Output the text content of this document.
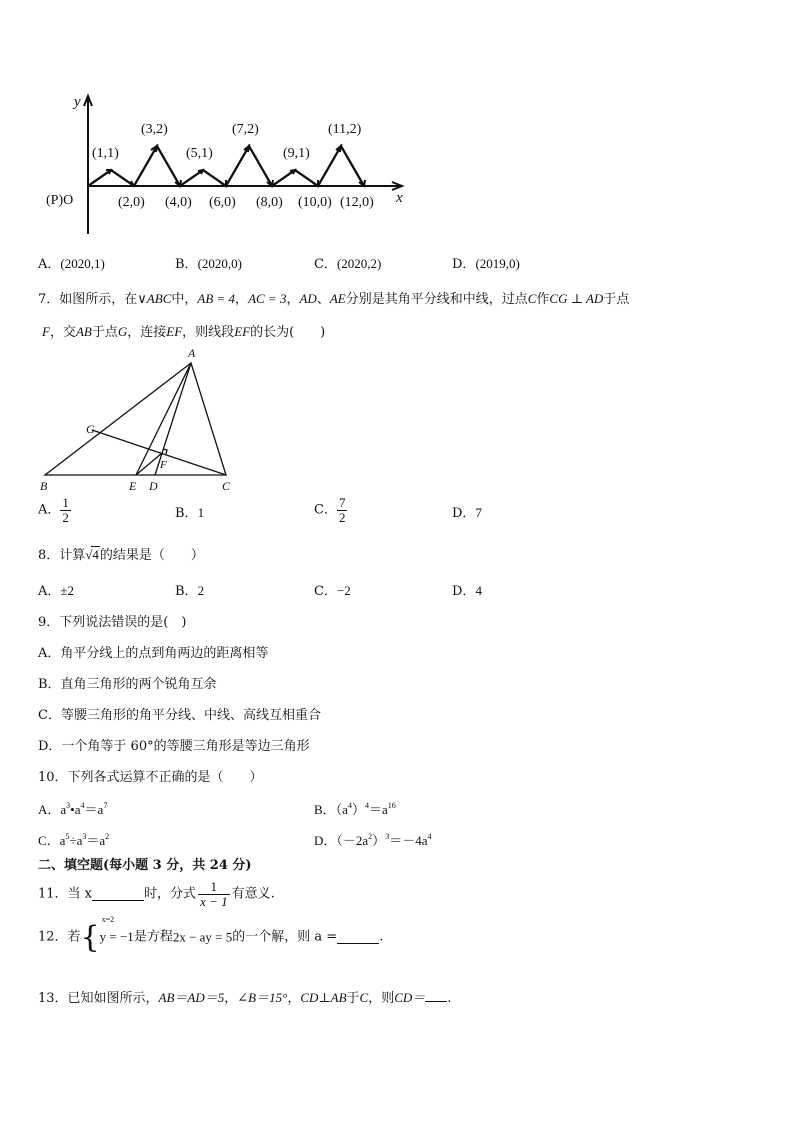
y
x
(P)O
(1,1)
(3,2)
(5,1)
(7,2)
(9,1)
(11,2)
(2,0) (4,0) (6,0) (8,0) (10,0) (12,0)
A．(2020,1)	B．(2020,0)	C．(2020,2)	D．(2019,0)
7．如图所示，在∨ABC中，AB = 4，AC = 3，AD、AE分别是其角平分线和中线，过点C作CG ⊥ AD于点
F，交AB于点G，连接EF，则线段EF的长为(　　)
A
B	C
D
E
F
G
A． $\frac{1}{2}$	B．1	C． $\frac{7}{2}$	D．7
8．计算√4的结果是（　　）
A．±2	B．2	C．−2	D．4
9．下列说法错误的是(　)
A．角平分线上的点到角两边的距离相等
B．直角三角形的两个锐角互余
C．等腰三角形的角平分线、中线、高线互相重合
D．一个角等于 60°的等腰三角形是等边三角形
10．下列各式运算不正确的是（　　）
A．$a^3•a^4=a^7$	B．$(a^4)^4=a^{16}$
C．$a^5\div a^3=a^2$	D．$(-2a^2)^3=-4a^4$
二、填空题(每小题 3 分，共 24 分)
11．当 x	时，分式 $\frac{1}{x - 1}$ 有意义.
12．若{
x=2
y = −1是方程2x − ay = 5的一个解，则 a =	.
13．已知如图所示，AB＝AD＝5，∠B＝15°，CD⊥AB于C，则CD＝ .
